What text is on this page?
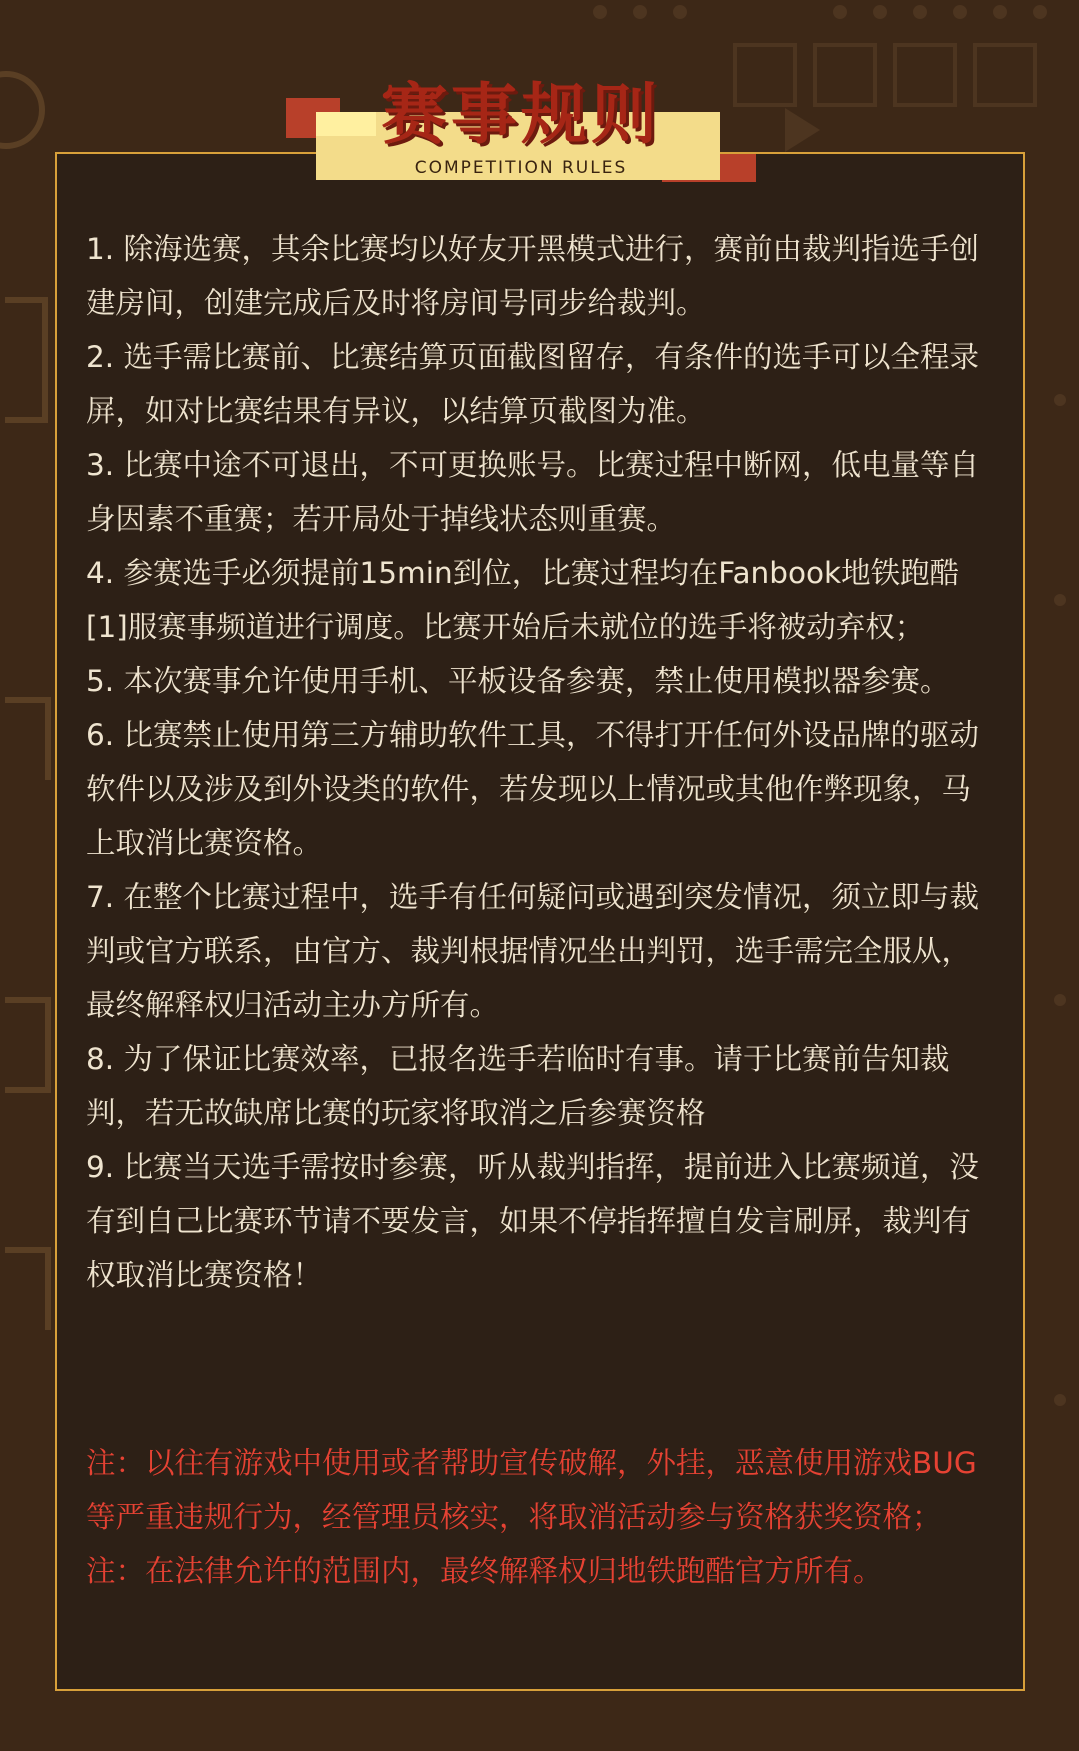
赛事规则
COMPETITION RULES

1. 除海选赛，其余比赛均以好友开黑模式进行，赛前由裁判指选手创建房间，创建完成后及时将房间号同步给裁判。

2. 选手需比赛前、比赛结算页面截图留存，有条件的选手可以全程录屏，如对比赛结果有异议，以结算页截图为准。

3. 比赛中途不可退出，不可更换账号。比赛过程中断网，低电量等自身因素不重赛；若开局处于掉线状态则重赛。

4. 参赛选手必须提前15min到位，比赛过程均在Fanbook地铁跑酷[1]服赛事频道进行调度。比赛开始后未就位的选手将被动弃权；

5. 本次赛事允许使用手机、平板设备参赛，禁止使用模拟器参赛。

6. 比赛禁止使用第三方辅助软件工具，不得打开任何外设品牌的驱动软件以及涉及到外设类的软件，若发现以上情况或其他作弊现象，马上取消比赛资格。

7. 在整个比赛过程中，选手有任何疑问或遇到突发情况，须立即与裁判或官方联系，由官方、裁判根据情况坐出判罚，选手需完全服从，最终解释权归活动主办方所有。

8. 为了保证比赛效率，已报名选手若临时有事。请于比赛前告知裁判，若无故缺席比赛的玩家将取消之后参赛资格

9. 比赛当天选手需按时参赛，听从裁判指挥，提前进入比赛频道，没有到自己比赛环节请不要发言，如果不停指挥擅自发言刷屏，裁判有权取消比赛资格！

注：以往有游戏中使用或者帮助宣传破解，外挂，恶意使用游戏BUG等严重违规行为，经管理员核实，将取消活动参与资格获奖资格；

注：在法律允许的范围内，最终解释权归地铁跑酷官方所有。
